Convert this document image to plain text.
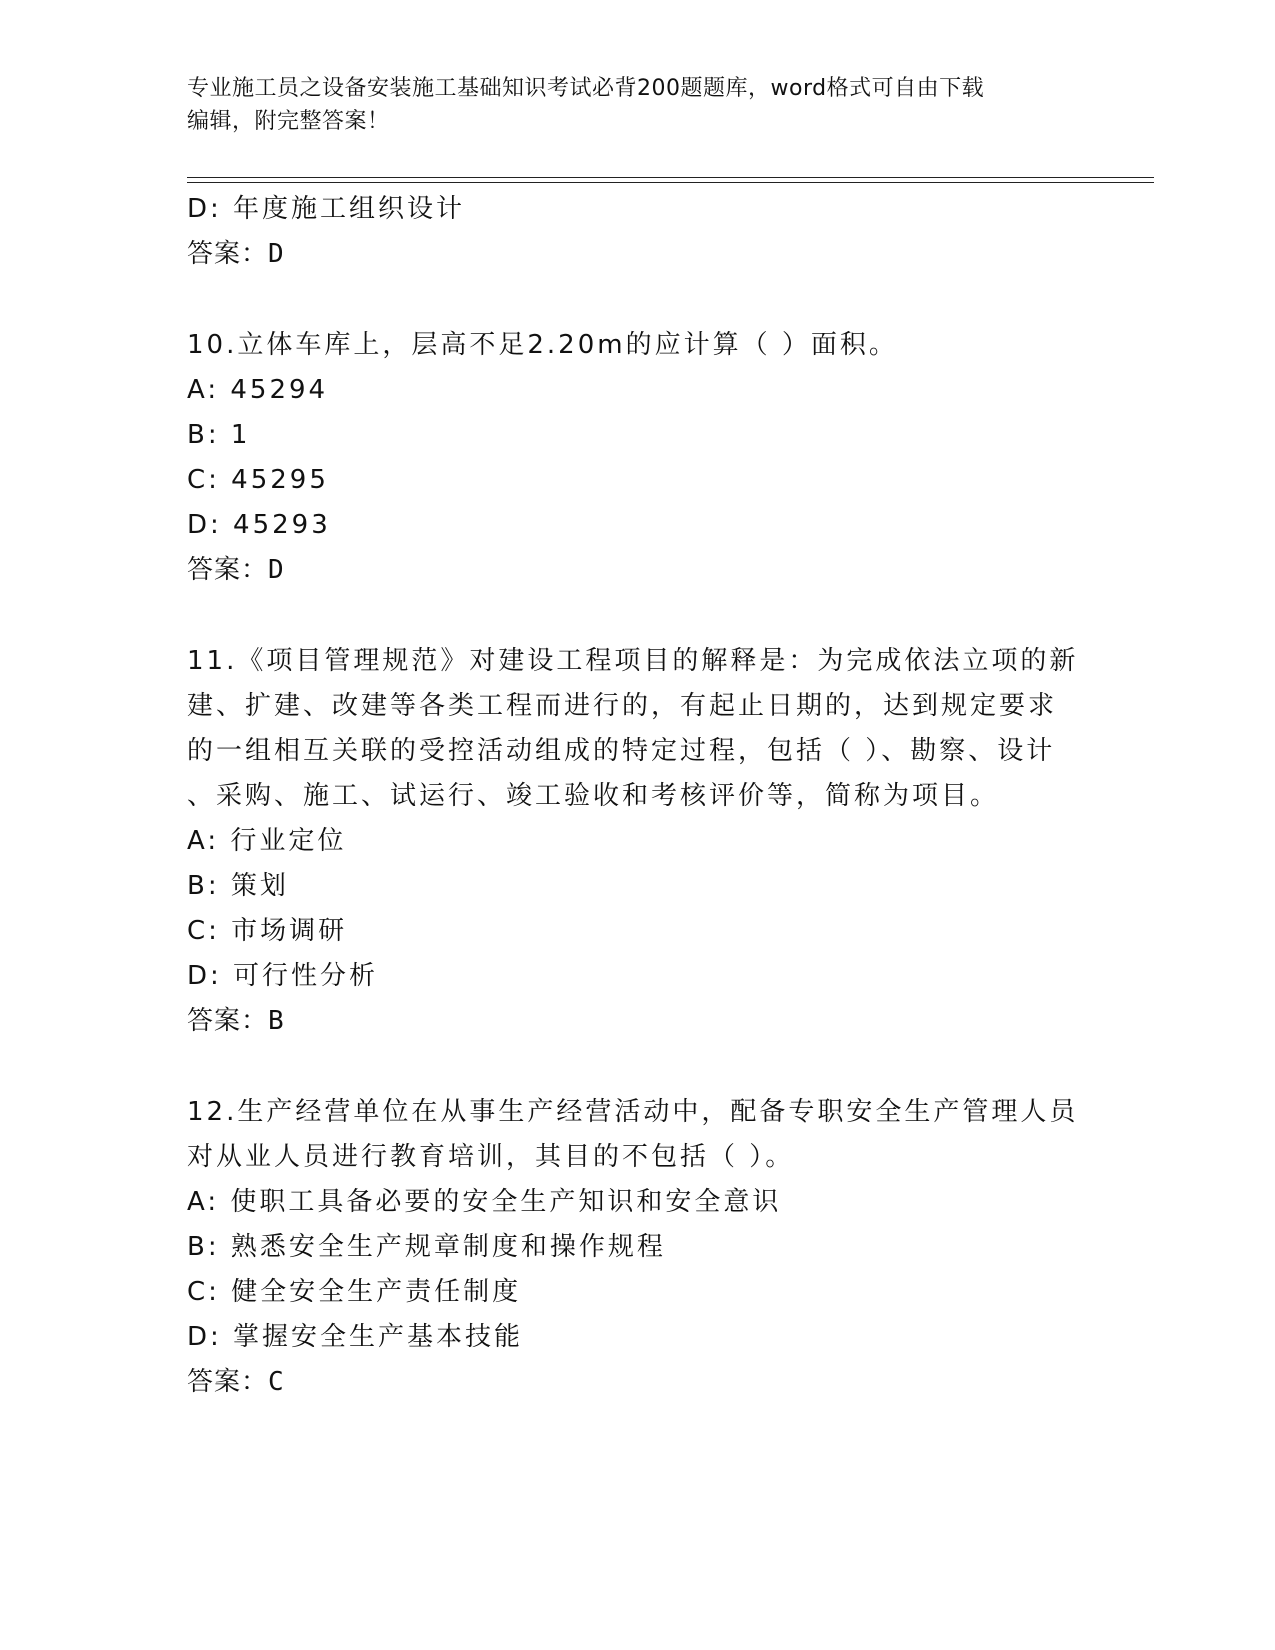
专业施工员之设备安装施工基础知识考试必背200题题库，word格式可自由下载
编辑，附完整答案！
D: 年度施工组织设计
答案：D
10.立体车库上，层高不足2.20m的应计算（ ）面积。
A: 45294
B: 1
C: 45295
D: 45293
答案：D
11.《项目管理规范》对建设工程项目的解释是：为完成依法立项的新
建、扩建、改建等各类工程而进行的，有起止日期的，达到规定要求
的一组相互关联的受控活动组成的特定过程，包括（ ）、勘察、设计
、采购、施工、试运行、竣工验收和考核评价等，简称为项目。
A: 行业定位
B: 策划
C: 市场调研
D: 可行性分析
答案：B
12.生产经营单位在从事生产经营活动中，配备专职安全生产管理人员
对从业人员进行教育培训，其目的不包括（ ）。
A: 使职工具备必要的安全生产知识和安全意识
B: 熟悉安全生产规章制度和操作规程
C: 健全安全生产责任制度
D: 掌握安全生产基本技能
答案：C
